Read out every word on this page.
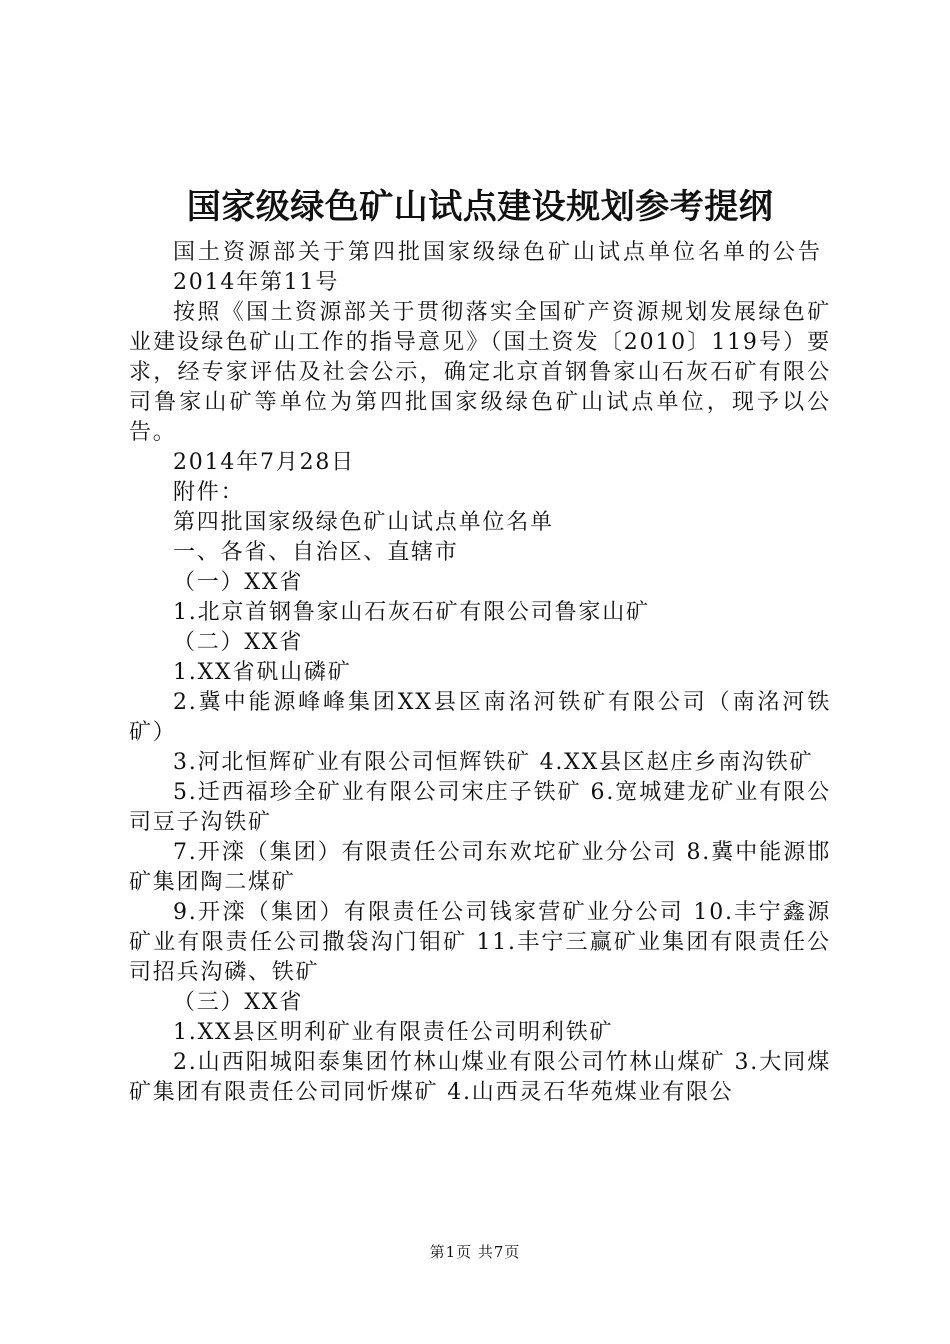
国家级绿色矿山试点建设规划参考提纲

国土资源部关于第四批国家级绿色矿山试点单位名单的公告

2014年第11号

按照《国土资源部关于贯彻落实全国矿产资源规划发展绿色矿业建设绿色矿山工作的指导意见》（国土资发〔2010〕119号）要求，经专家评估及社会公示，确定北京首钢鲁家山石灰石矿有限公司鲁家山矿等单位为第四批国家级绿色矿山试点单位，现予以公告。

2014年7月28日

附件：

第四批国家级绿色矿山试点单位名单

一、各省、自治区、直辖市

（一）XX省

1.北京首钢鲁家山石灰石矿有限公司鲁家山矿

（二）XX省

1.XX省矾山磷矿

2.冀中能源峰峰集团XX县区南洺河铁矿有限公司（南洺河铁矿）

3.河北恒辉矿业有限公司恒辉铁矿 4.XX县区赵庄乡南沟铁矿

5.迁西福珍全矿业有限公司宋庄子铁矿 6.宽城建龙矿业有限公司豆子沟铁矿

7.开滦（集团）有限责任公司东欢坨矿业分公司 8.冀中能源邯矿集团陶二煤矿

9.开滦（集团）有限责任公司钱家营矿业分公司 10.丰宁鑫源矿业有限责任公司撒袋沟门钼矿 11.丰宁三赢矿业集团有限责任公司招兵沟磷、铁矿

（三）XX省

1.XX县区明利矿业有限责任公司明利铁矿

2.山西阳城阳泰集团竹林山煤业有限公司竹林山煤矿 3.大同煤矿集团有限责任公司同忻煤矿 4.山西灵石华苑煤业有限公

第1页 共7页
